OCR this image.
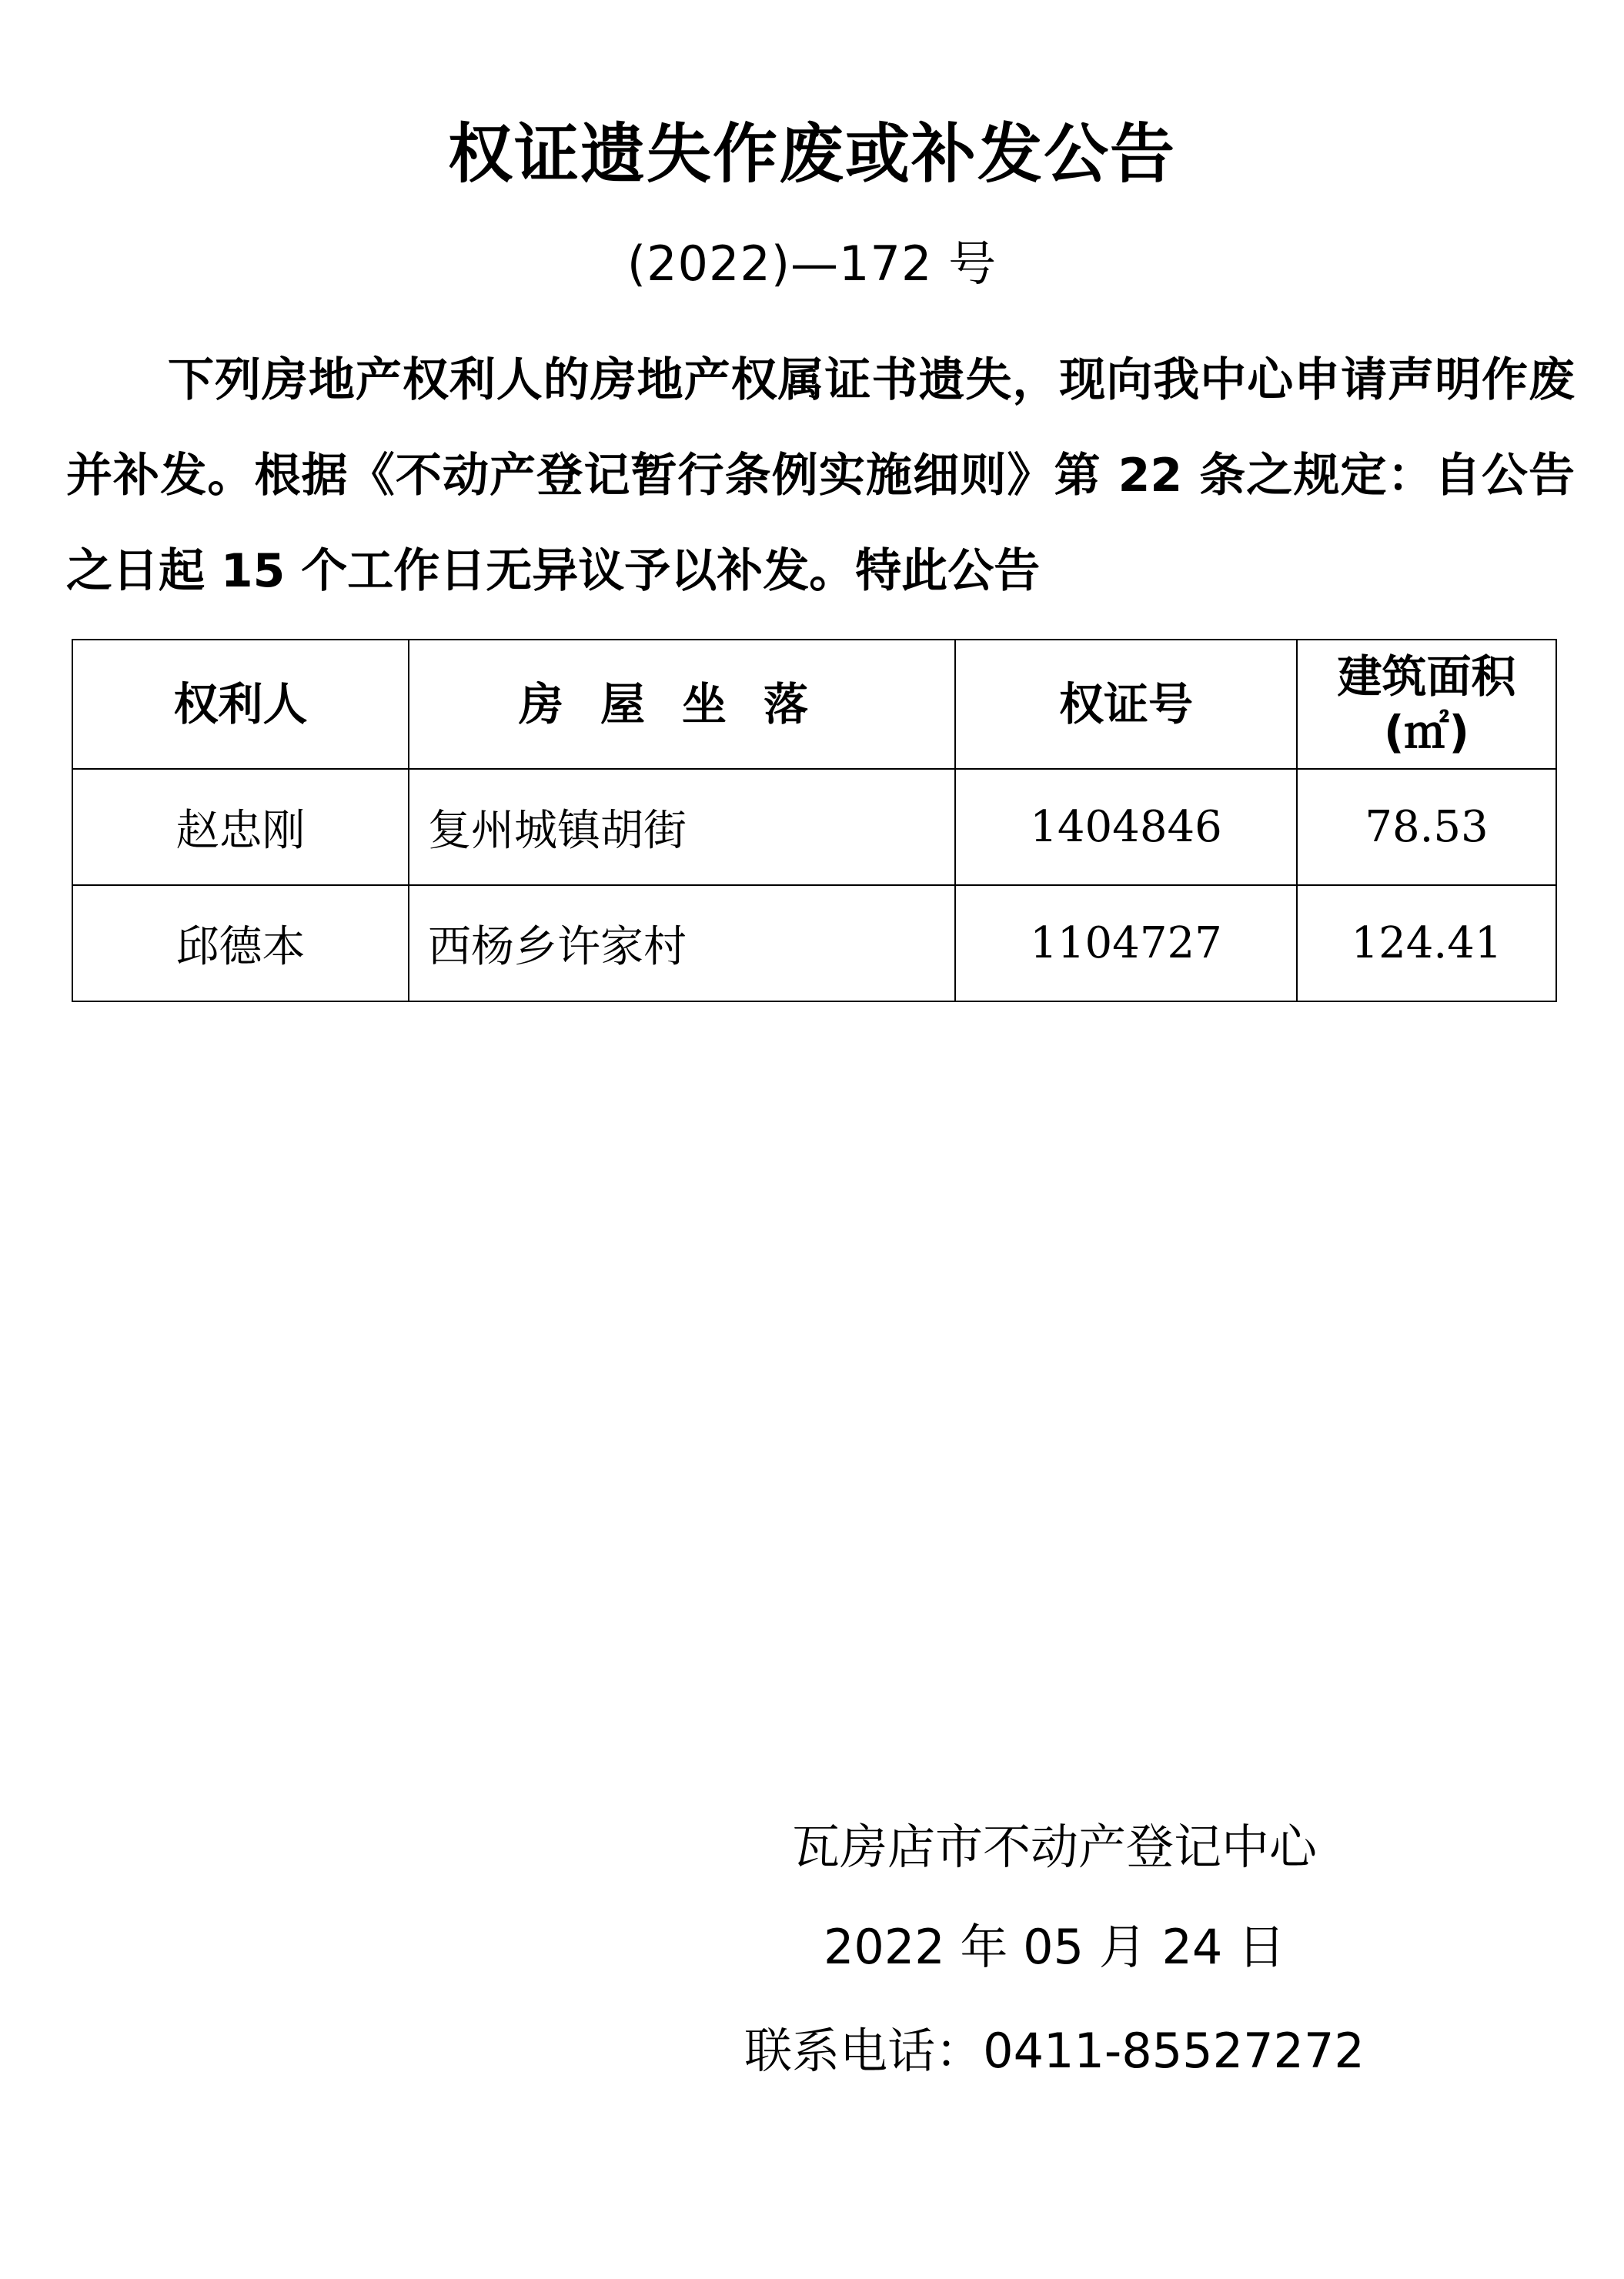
权证遗失作废或补发公告
(2022)—172 号

下列房地产权利人的房地产权属证书遗失，现向我中心申请声明作废并补发。根据《不动产登记暂行条例实施细则》第 22 条之规定：自公告之日起 15 个工作日无异议予以补发。特此公告

权利人	房屋坐落	权证号	建筑面积
(㎡)

赵忠刚	复州城镇胡街	1404846	78.53
邱德本	西杨乡许家村	1104727	124.41
瓦房店市不动产登记中心
2022 年 05 月 24 日
联系电话：0411-85527272
